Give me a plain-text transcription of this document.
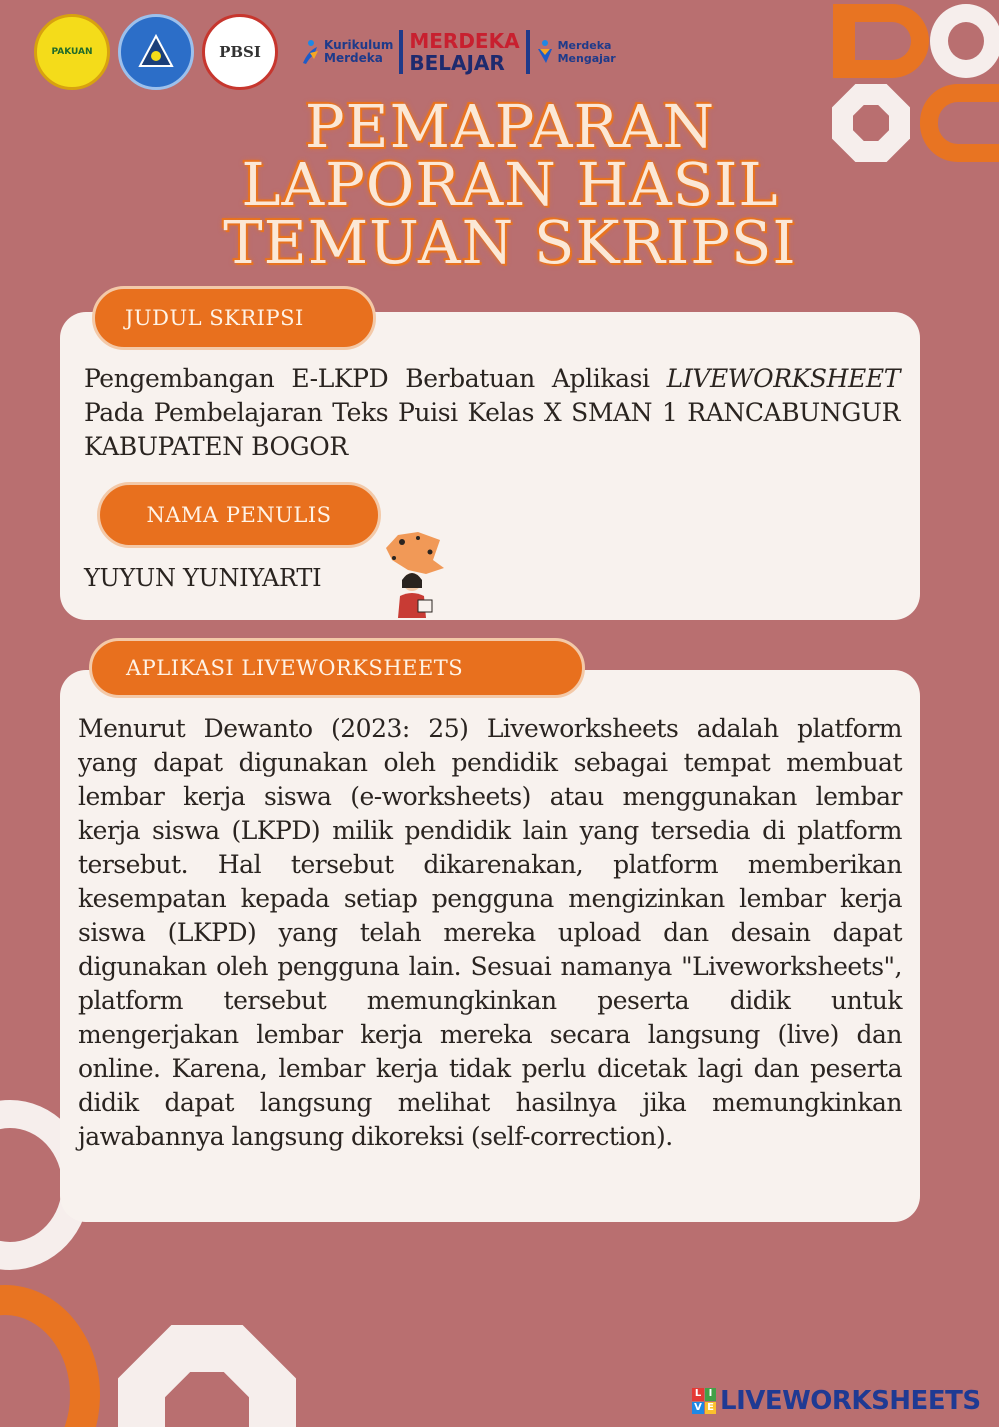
PAKUAN	PBSI	Kurikulum
Merdeka
MERDEKA
BELAJAR
Merdeka
Mengajar
PEMAPARAN
LAPORAN HASIL
TEMUAN SKRIPSI
JUDUL SKRIPSI

Pengembangan E-LKPD Berbatuan Aplikasi LIVEWORKSHEET Pada Pembelajaran Teks Puisi Kelas X SMAN 1 RANCABUNGUR KABUPATEN BOGOR

NAMA PENULIS

YUYUN YUNIYARTI

APLIKASI LIVEWORKSHEETS

Menurut Dewanto (2023: 25) Liveworksheets adalah platform yang dapat digunakan oleh pendidik sebagai tempat membuat lembar kerja siswa (e-worksheets) atau menggunakan lembar kerja siswa (LKPD) milik pendidik lain yang tersedia di platform tersebut. Hal tersebut dikarenakan, platform memberikan kesempatan kepada setiap pengguna mengizinkan lembar kerja siswa (LKPD) yang telah mereka upload dan desain dapat digunakan oleh pengguna lain. Sesuai namanya "Liveworksheets", platform tersebut memungkinkan peserta didik untuk mengerjakan lembar kerja mereka secara langsung (live) dan online. Karena, lembar kerja tidak perlu dicetak lagi dan peserta didik dapat langsung melihat hasilnya jika memungkinkan jawabannya langsung dikoreksi (self-correction).

L I
V E LIVEWORKSHEETS
